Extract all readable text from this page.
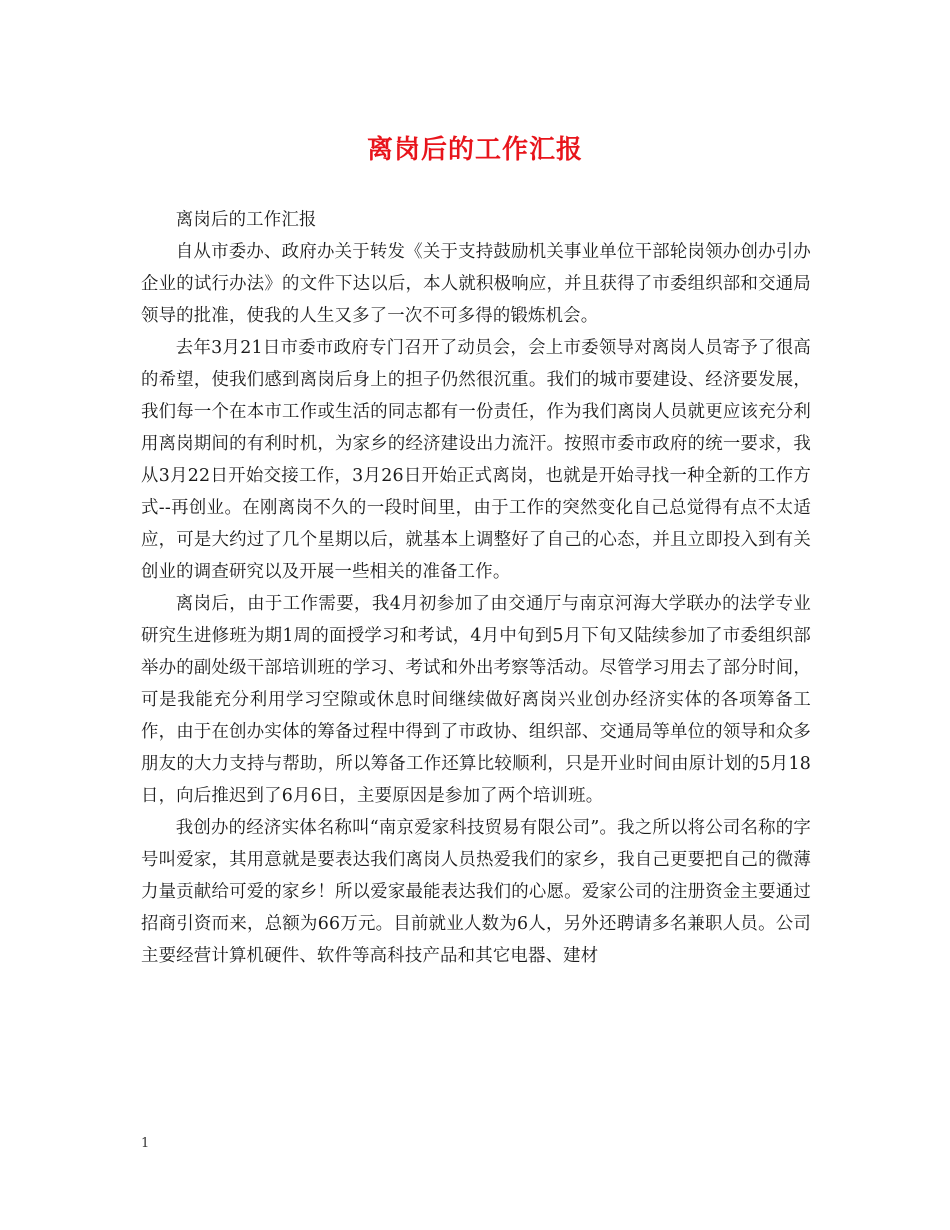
离岗后的工作汇报

离岗后的工作汇报

自从市委办、政府办关于转发《关于支持鼓励机关事业单位干部轮岗领办创办引办企业的试行办法》的文件下达以后，本人就积极响应，并且获得了市委组织部和交通局领导的批准，使我的人生又多了一次不可多得的锻炼机会。

去年3月21日市委市政府专门召开了动员会，会上市委领导对离岗人员寄予了很高的希望，使我们感到离岗后身上的担子仍然很沉重。我们的城市要建设、经济要发展，我们每一个在本市工作或生活的同志都有一份责任，作为我们离岗人员就更应该充分利用离岗期间的有利时机，为家乡的经济建设出力流汗。按照市委市政府的统一要求，我从3月22日开始交接工作，3月26日开始正式离岗，也就是开始寻找一种全新的工作方式--再创业。在刚离岗不久的一段时间里，由于工作的突然变化自己总觉得有点不太适应，可是大约过了几个星期以后，就基本上调整好了自己的心态，并且立即投入到有关创业的调查研究以及开展一些相关的准备工作。

离岗后，由于工作需要，我4月初参加了由交通厅与南京河海大学联办的法学专业研究生进修班为期1周的面授学习和考试，4月中旬到5月下旬又陆续参加了市委组织部举办的副处级干部培训班的学习、考试和外出考察等活动。尽管学习用去了部分时间，可是我能充分利用学习空隙或休息时间继续做好离岗兴业创办经济实体的各项筹备工作，由于在创办实体的筹备过程中得到了市政协、组织部、交通局等单位的领导和众多朋友的大力支持与帮助，所以筹备工作还算比较顺利，只是开业时间由原计划的5月18日，向后推迟到了6月6日，主要原因是参加了两个培训班。

我创办的经济实体名称叫“南京爱家科技贸易有限公司”。我之所以将公司名称的字号叫爱家，其用意就是要表达我们离岗人员热爱我们的家乡，我自己更要把自己的微薄力量贡献给可爱的家乡！所以爱家最能表达我们的心愿。爱家公司的注册资金主要通过招商引资而来，总额为66万元。目前就业人数为6人，另外还聘请多名兼职人员。公司主要经营计算机硬件、软件等高科技产品和其它电器、建材

1
